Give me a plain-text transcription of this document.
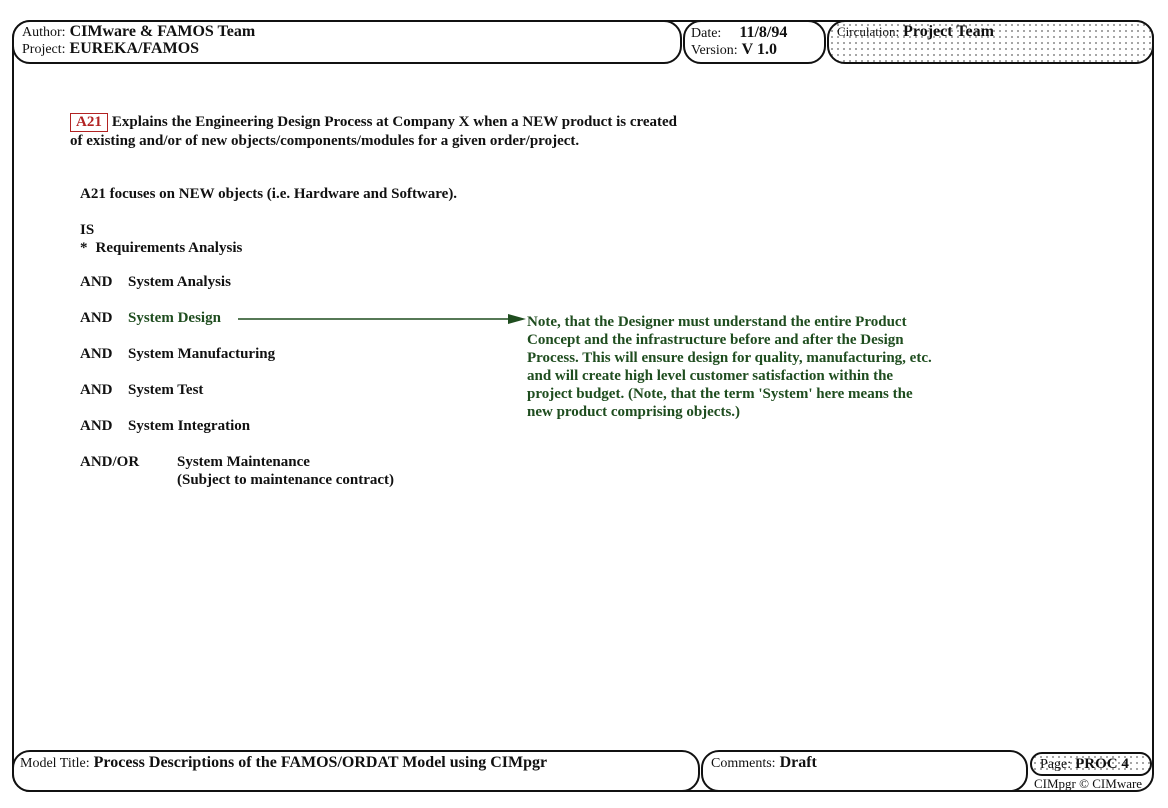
Author: CIMware & FAMOS Team
Project: EUREKA/FAMOS
Date: 11/8/94
Version: V 1.0
Circulation: Project Team
A21 Explains the Engineering Design Process at Company X when a NEW product is created of existing and/or of new objects/components/modules for a given order/project.
A21 focuses on NEW objects (i.e. Hardware and Software).
IS
* Requirements Analysis
AND System Analysis
AND System Design
AND System Manufacturing
AND System Test
AND System Integration
AND/OR	System Maintenance
(Subject to maintenance contract)
Note, that the Designer must understand the entire Product Concept and the infrastructure before and after the Design Process. This will ensure design for quality, manufacturing, etc. and will create high level customer satisfaction within the project budget. (Note, that the term 'System' here means the new product comprising objects.)
Model Title: Process Descriptions of the FAMOS/ORDAT Model using CIMpgr	Comments: Draft	Page: PROC 4
CIMpgr © CIMware
